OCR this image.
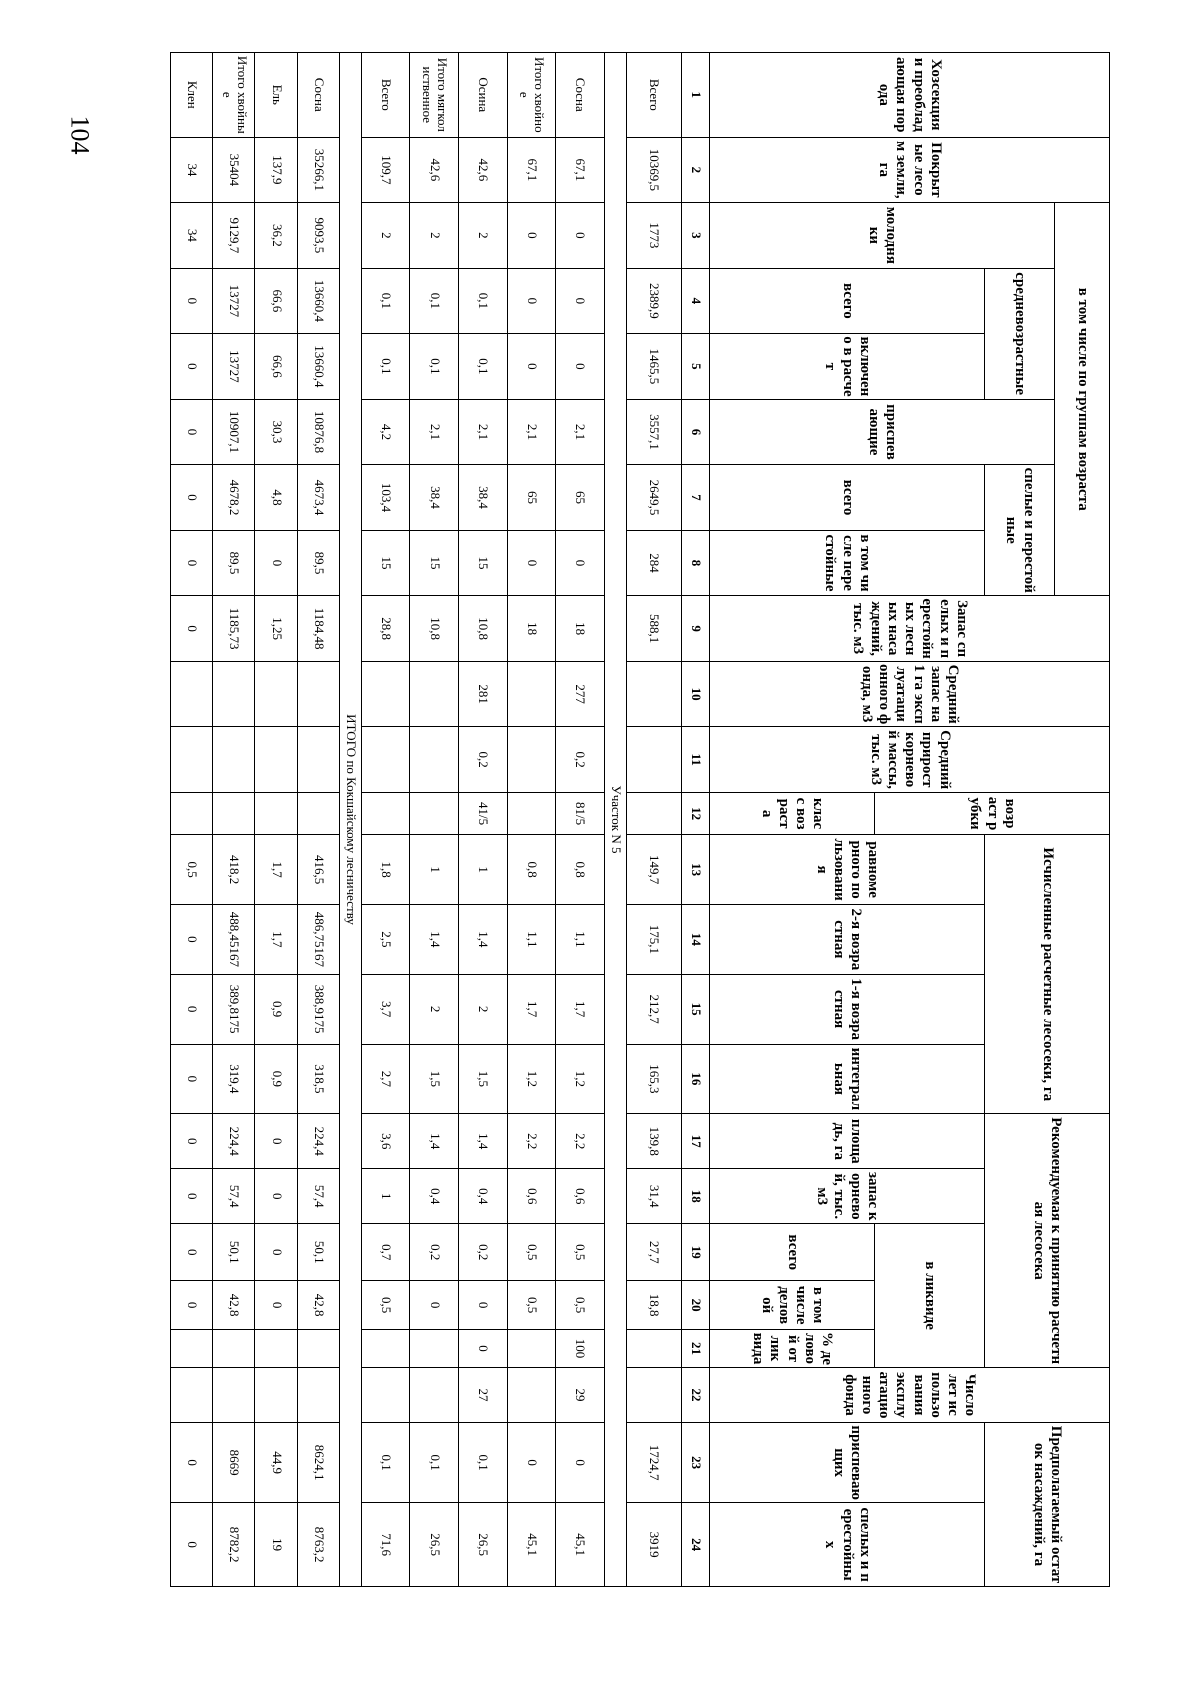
104
Хозсекция и преобладающая порода	Покрытые лесом земли, га	в том числе по группам возраста						Запас спелых и перестойных лесных насаждений, тыс. м3	Средний запас на 1 га эксплуатационного фонда, м3	Средний прирост корневой массы, тыс. м3	возраст рубки	Исчисленные расчетные лесосеки, га				Рекомендуемая к принятию расчетная лесосека					Число лет использования эксплуатационного фонда	Предполагаемый остаток насаждений, га	
		молодняки	средневозрастные		приспевающие	спелые и перестойные																	
			всего	включено в расчет		всего	в том числе перестойные					равномерного пользования	2-я возрастная	1-я возрастная	интегральная	площадь, га	запас корневой, тыс. м3	в ликвиде				приспевающих	спелых и перестойных
											класс возраста							всего	в том числе деловой	% деловой от ликвида			
1	2	3	4	5	6	7	8	9	10	11	12	13	14	15	16	17	18	19	20	21	22	23	24
Всего	10369,5	1773	2389,9	1465,5	3557,1	2649,5	284	588,1				149,7	175,1	212,7	165,3	139,8	31,4	27,7	18,8			1724,7	3919
Участок N 5																							
Сосна	67,1	0	0	0	2,1	65	0	18	277	0,2	81/5	0,8	1,1	1,7	1,2	2,2	0,6	0,5	0,5	100	29	0	45,1
Итого хвойное	67,1	0	0	0	2,1	65	0	18				0,8	1,1	1,7	1,2	2,2	0,6	0,5	0,5			0	45,1
Осина	42,6	2	0,1	0,1	2,1	38,4	15	10,8	281	0,2	41/5	1	1,4	2	1,5	1,4	0,4	0,2	0	0	27	0,1	26,5
Итого мягколиственное	42,6	2	0,1	0,1	2,1	38,4	15	10,8				1	1,4	2	1,5	1,4	0,4	0,2	0			0,1	26,5
Всего	109,7	2	0,1	0,1	4,2	103,4	15	28,8				1,8	2,5	3,7	2,7	3,6	1	0,7	0,5			0,1	71,6
ИТОГО по Кокшайскому лесничеству																							
Сосна	35266,1	9093,5	13660,4	13660,4	10876,8	4673,4	89,5	1184,48				416,5	486,75167	388,9175	318,5	224,4	57,4	50,1	42,8			8624,1	8763,2
Ель	137,9	36,2	66,6	66,6	30,3	4,8	0	1,25				1,7	1,7	0,9	0,9	0	0	0	0			44,9	19
Итого хвойные	35404	9129,7	13727	13727	10907,1	4678,2	89,5	1185,73				418,2	488,45167	389,8175	319,4	224,4	57,4	50,1	42,8			8669	8782,2
Клен	34	34	0	0	0	0	0	0				0,5	0	0	0	0	0	0	0			0	0
